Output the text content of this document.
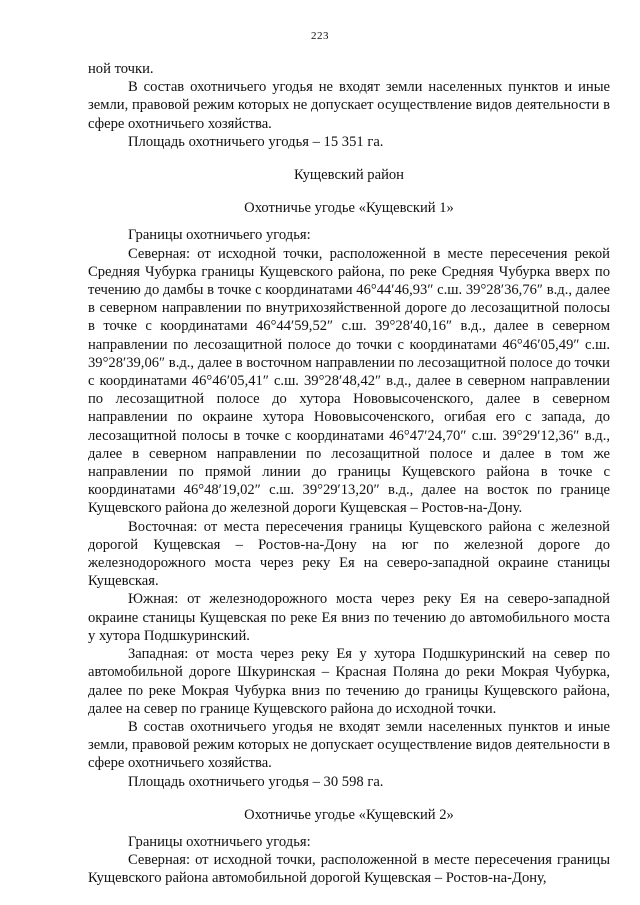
223

ной точки.

В состав охотничьего угодья не входят земли населенных пунктов и иные земли, правовой режим которых не допускает осуществление видов деятельности в сфере охотничьего хозяйства.

Площадь охотничьего угодья – 15 351 га.

Кущевский район

Охотничье угодье «Кущевский 1»

Границы охотничьего угодья:

Северная: от исходной точки, расположенной в месте пересечения рекой Средняя Чубурка границы Кущевского района, по реке Средняя Чубурка вверх по течению до дамбы в точке с координатами 46°44′46,93″ с.ш. 39°28′36,76″ в.д., далее в северном направлении по внутрихозяйственной дороге до лесозащитной полосы в точке с координатами 46°44′59,52″ с.ш. 39°28′40,16″ в.д., далее в северном направлении по лесозащитной полосе до точки с координатами 46°46′05,49″ с.ш. 39°28′39,06″ в.д., далее в восточном направлении по лесозащитной полосе до точки с координатами 46°46′05,41″ с.ш. 39°28′48,42″ в.д., далее в северном направлении по лесозащитной полосе до хутора Нововысоченского, далее в северном направлении по окраине хутора Нововысоченского, огибая его с запада, до лесозащитной полосы в точке с координатами 46°47′24,70″ с.ш. 39°29′12,36″ в.д., далее в северном направлении по лесозащитной полосе и далее в том же направлении по прямой линии до границы Кущевского района в точке с координатами 46°48′19,02″ с.ш. 39°29′13,20″ в.д., далее на восток по границе Кущевского района до железной дороги Кущевская – Ростов-на-Дону.

Восточная: от места пересечения границы Кущевского района с железной дорогой Кущевская – Ростов-на-Дону на юг по железной дороге до железнодорожного моста через реку Ея на северо-западной окраине станицы Кущевская.

Южная: от железнодорожного моста через реку Ея на северо-западной окраине станицы Кущевская по реке Ея вниз по течению до автомобильного моста у хутора Подшкуринский.

Западная: от моста через реку Ея у хутора Подшкуринский на север по автомобильной дороге Шкуринская – Красная Поляна до реки Мокрая Чубурка, далее по реке Мокрая Чубурка вниз по течению до границы Кущевского района, далее на север по границе Кущевского района до исходной точки.

В состав охотничьего угодья не входят земли населенных пунктов и иные земли, правовой режим которых не допускает осуществление видов деятельности в сфере охотничьего хозяйства.

Площадь охотничьего угодья – 30 598 га.

Охотничье угодье «Кущевский 2»

Границы охотничьего угодья:

Северная: от исходной точки, расположенной в месте пересечения границы Кущевского района автомобильной дорогой Кущевская – Ростов-на-Дону,
